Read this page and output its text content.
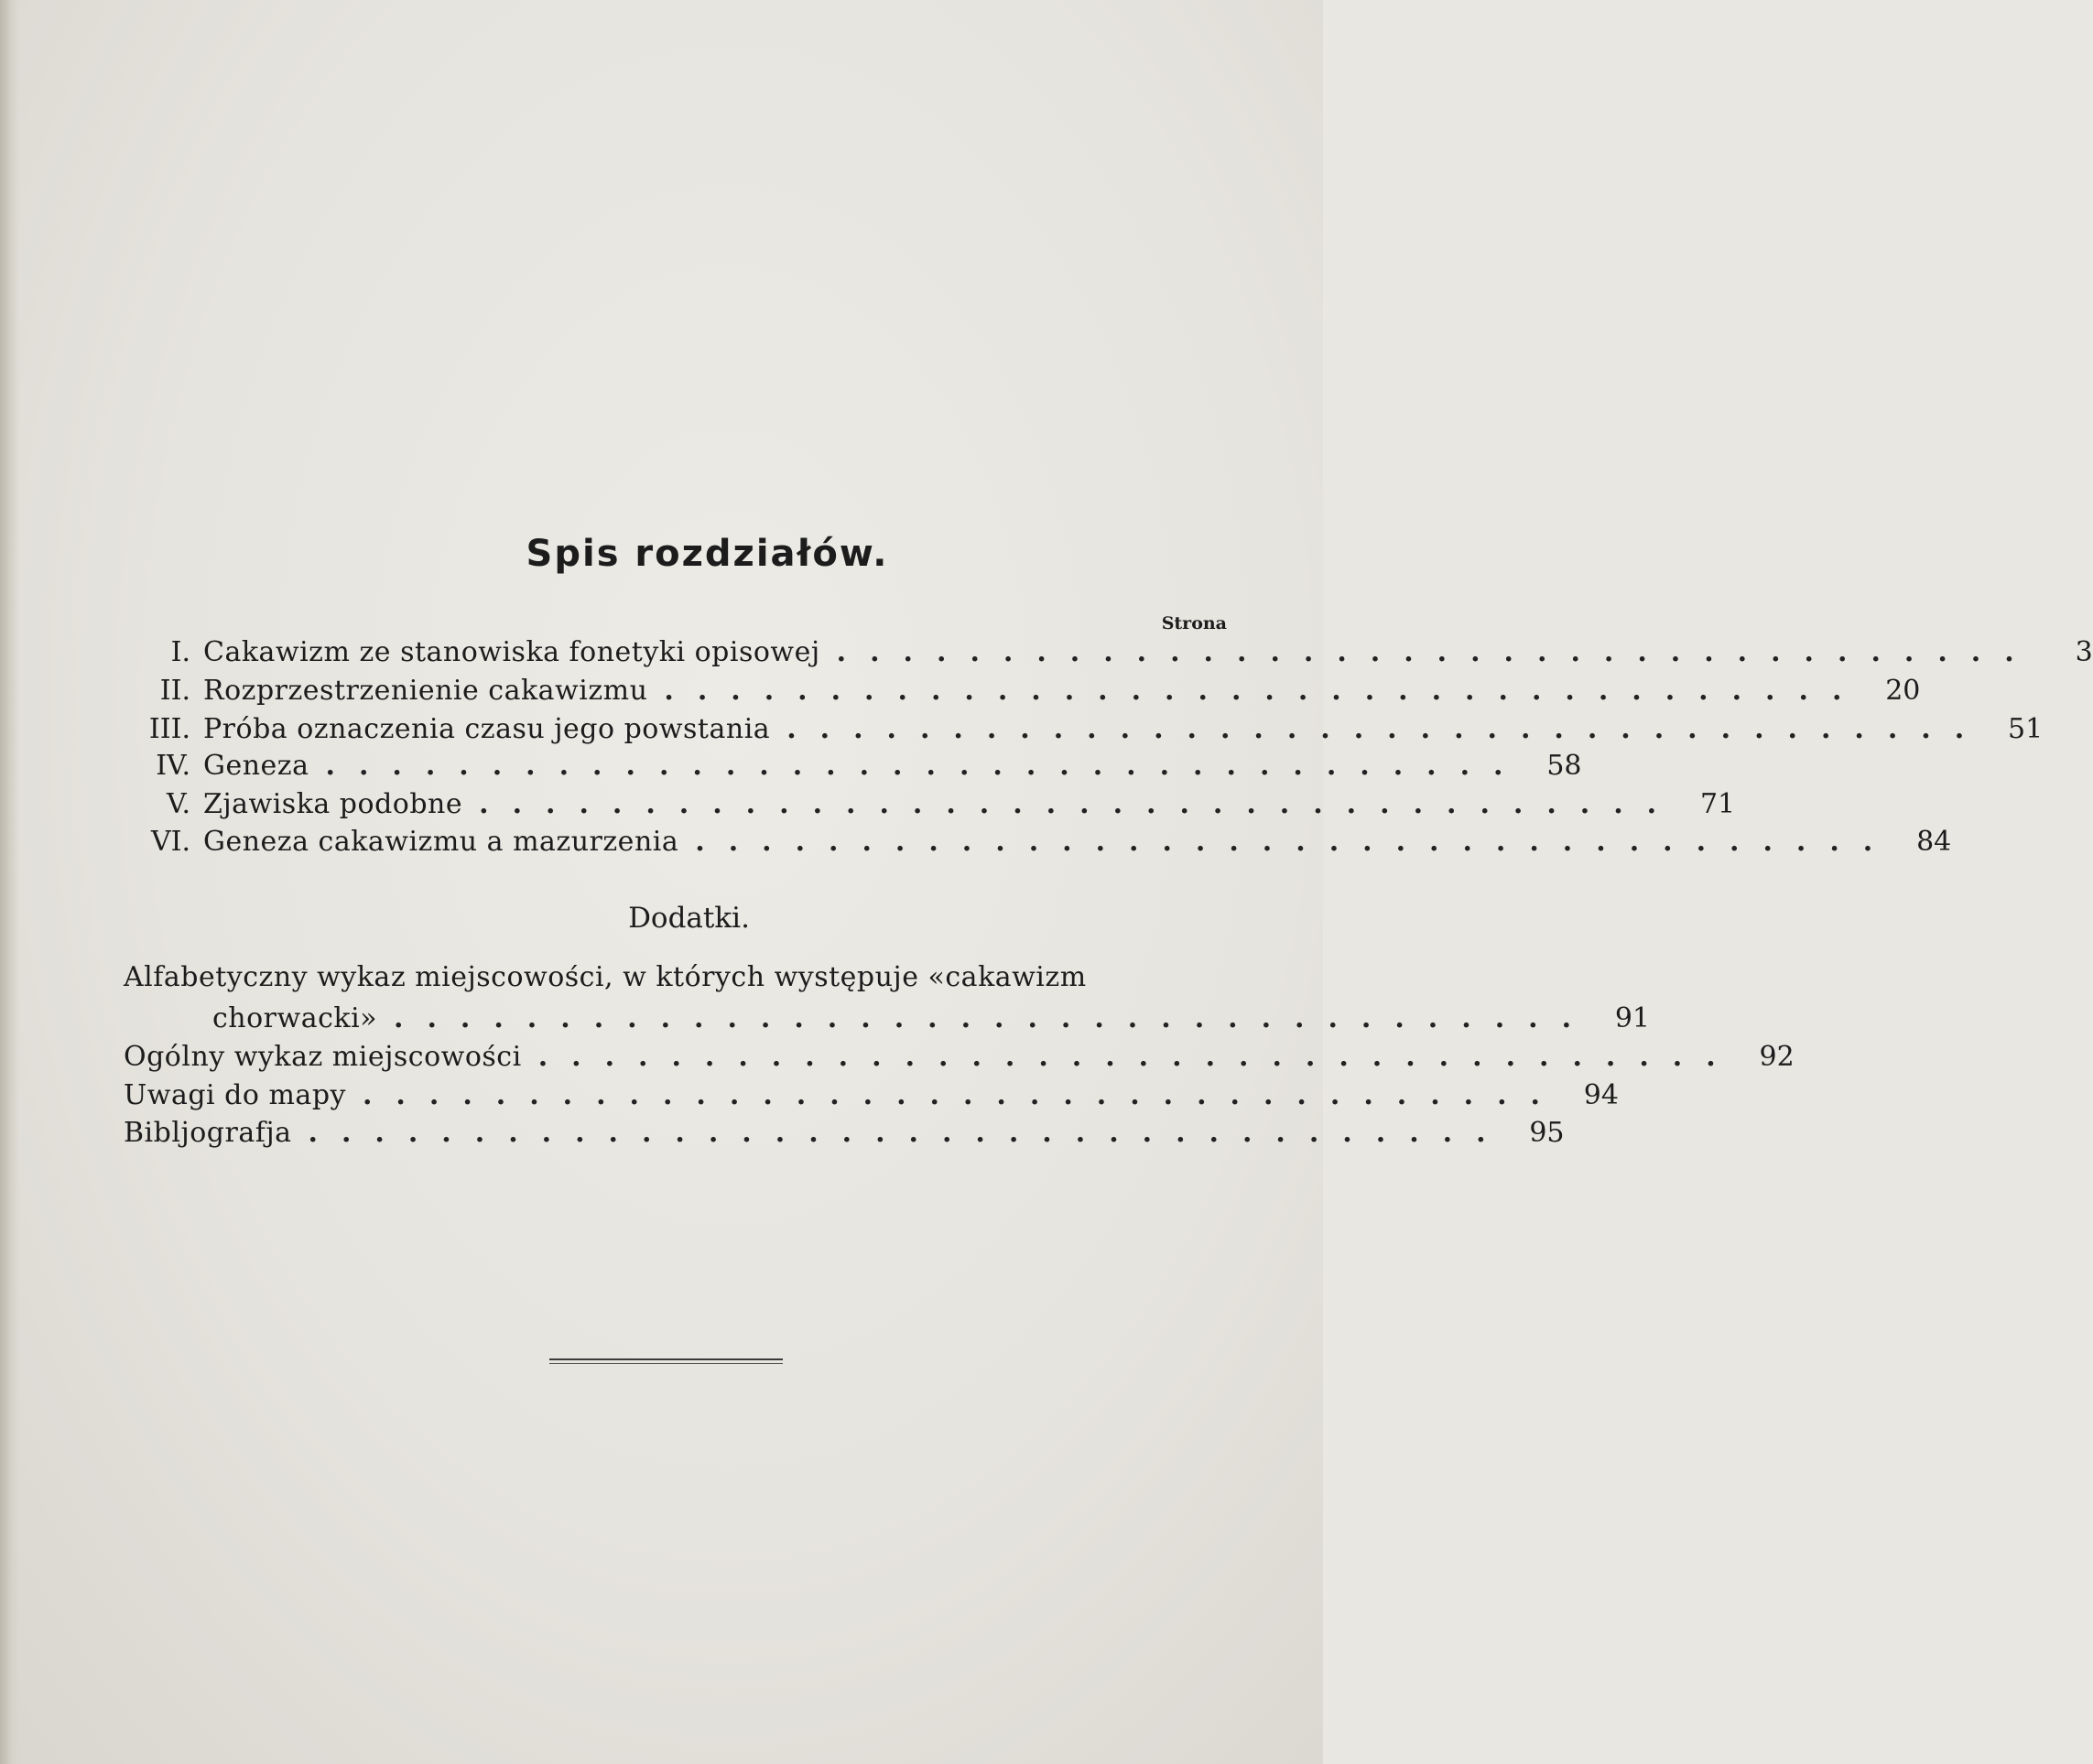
Spis rozdziałów.
Strona
I. Cakawizm ze stanowiska fonetyki opisowej ....................................	3
II. Rozprzestrzenienie cakawizmu .................................... 20
III. Próba oznaczenia czasu jego powstania .................................... 51
IV. Geneza .................................... 58
V. Zjawiska podobne .................................... 71
VI. Geneza cakawizmu a mazurzenia .................................... 84
Dodatki.
Alfabetyczny wykaz miejscowości, w których występuje «cakawizm
chorwacki» .................................... 91
Ogólny wykaz miejscowości .................................... 92
Uwagi do mapy .................................... 94
Bibljografja .................................... 95
